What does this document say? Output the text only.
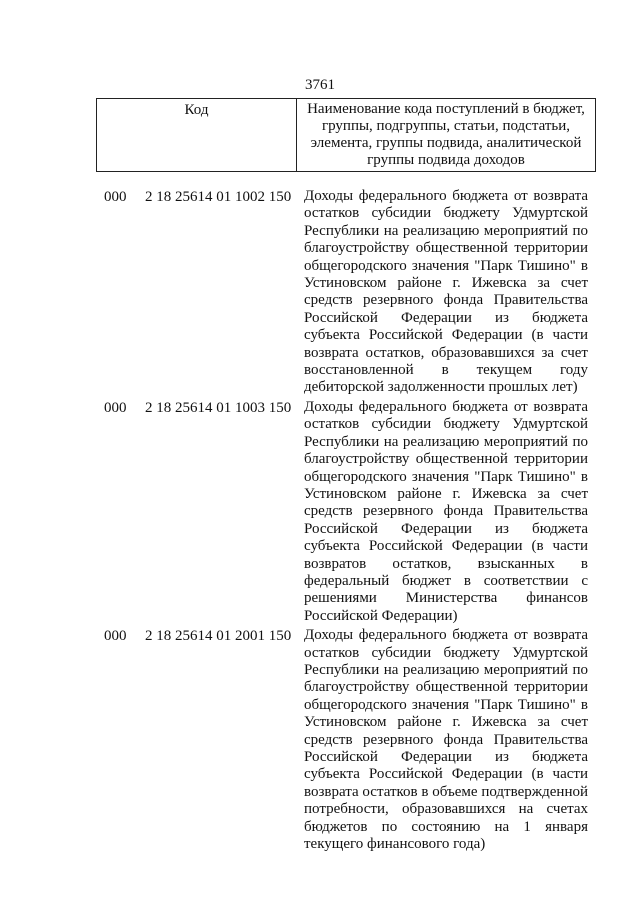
3761
Код	Наименование кода поступлений в бюджет, группы, подгруппы, статьи, подстатьи, элемента, группы подвида, аналитической группы подвида доходов
000 2 18 25614 01 1002 150 Доходы федерального бюджета от возврата остатков субсидии бюджету Удмуртской Республики на реализацию мероприятий по благоустройству общественной территории общегородского значения "Парк Тишино" в Устиновском районе г. Ижевска за счет средств резервного фонда Правительства Российской Федерации из бюджета субъекта Российской Федерации (в части возврата остатков, образовавшихся за счет восстановленной в текущем году дебиторской задолженности прошлых лет)
000 2 18 25614 01 1003 150 Доходы федерального бюджета от возврата остатков субсидии бюджету Удмуртской Республики на реализацию мероприятий по благоустройству общественной территории общегородского значения "Парк Тишино" в Устиновском районе г. Ижевска за счет средств резервного фонда Правительства Российской Федерации из бюджета субъекта Российской Федерации (в части возвратов остатков, взысканных в федеральный бюджет в соответствии с решениями Министерства финансов Российской Федерации)
000 2 18 25614 01 2001 150 Доходы федерального бюджета от возврата остатков субсидии бюджету Удмуртской Республики на реализацию мероприятий по благоустройству общественной территории общегородского значения "Парк Тишино" в Устиновском районе г. Ижевска за счет средств резервного фонда Правительства Российской Федерации из бюджета субъекта Российской Федерации (в части возврата остатков в объеме подтвержденной потребности, образовавшихся на счетах бюджетов по состоянию на 1 января текущего финансового года)
